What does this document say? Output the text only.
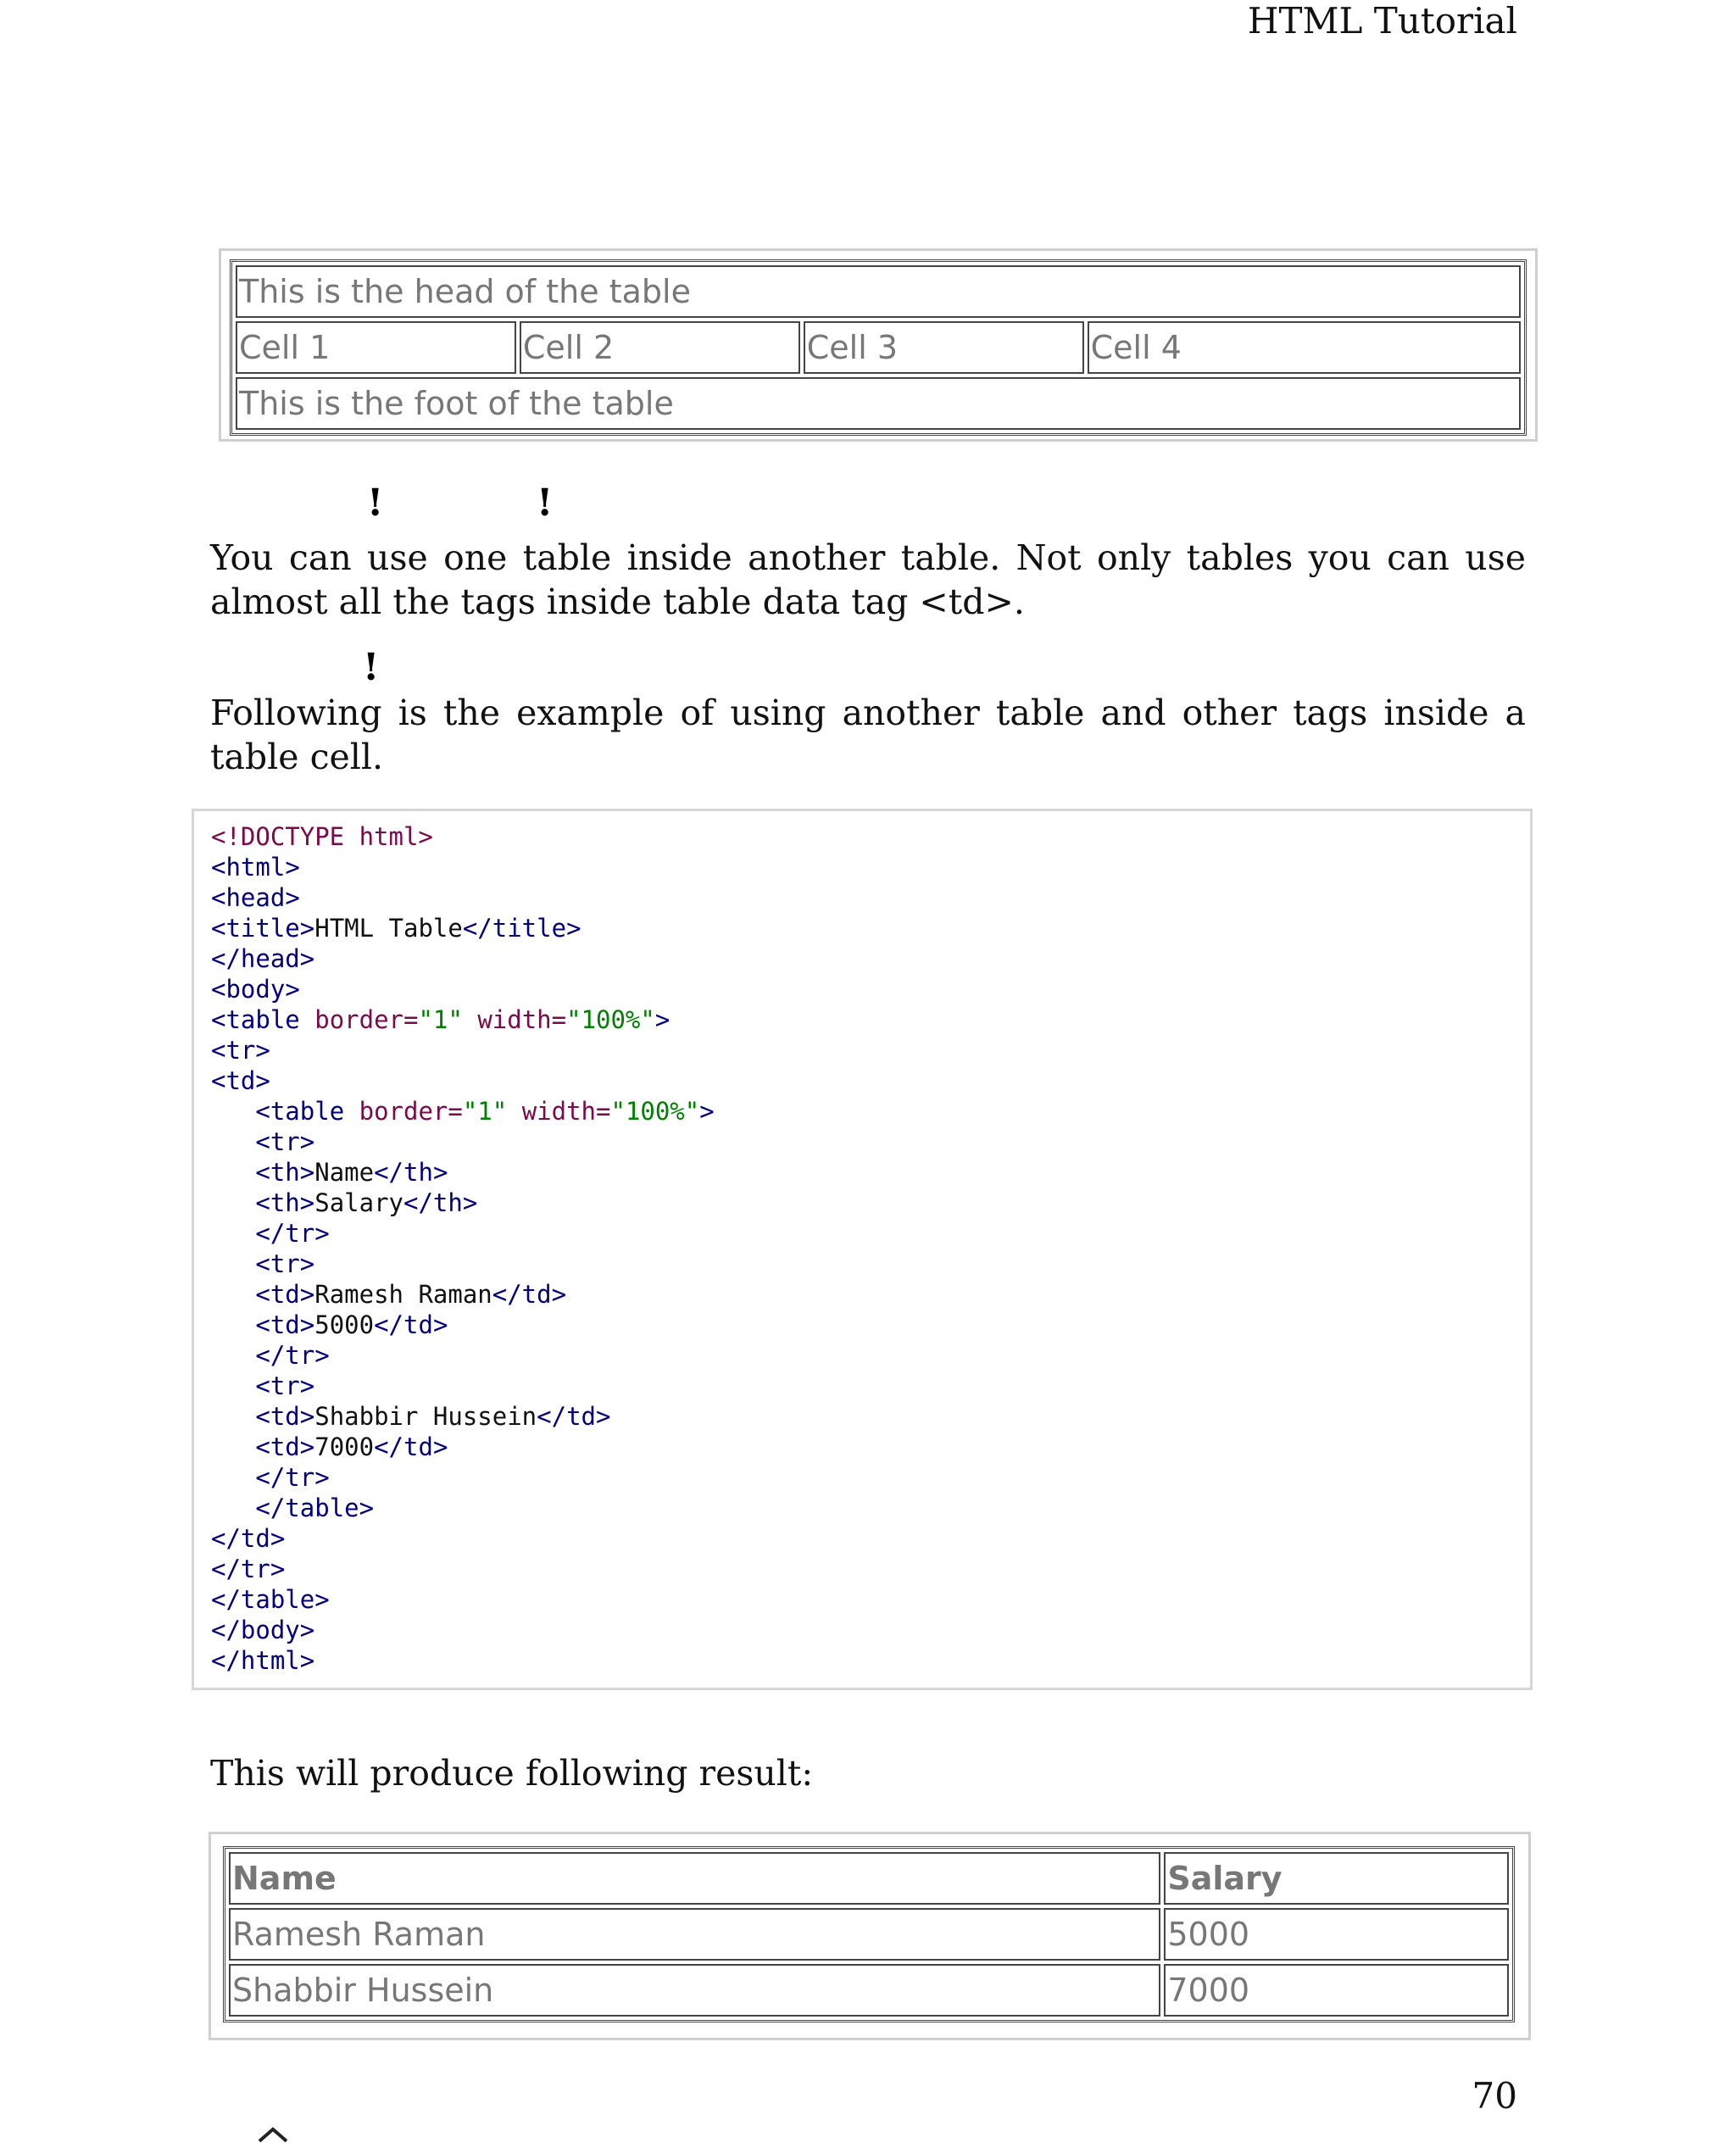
HTML Tutorial
This is the head of the table
Cell 1	Cell 2	Cell 3	Cell 4
This is the foot of the table
!	!

You can use one table inside another table. Not only tables you can use almost all the tags inside table data tag <td>.

!

Following is the example of using another table and other tags inside a table cell.

<!DOCTYPE html>
<html>
<head>
<title>HTML Table</title>
</head>
<body>
<table border="1" width="100%">
<tr>
<td>
<table border="1" width="100%">
<tr>
<th>Name</th>
<th>Salary</th>
</tr>
<tr>
<td>Ramesh Raman</td>
<td>5000</td>
</tr>
<tr>
<td>Shabbir Hussein</td>
<td>7000</td>
</tr>
</table>
</td>
</tr>
</table>
</body>
</html>

This will produce following result:

Name	Salary
Ramesh Raman	5000
Shabbir Hussein	7000
70
